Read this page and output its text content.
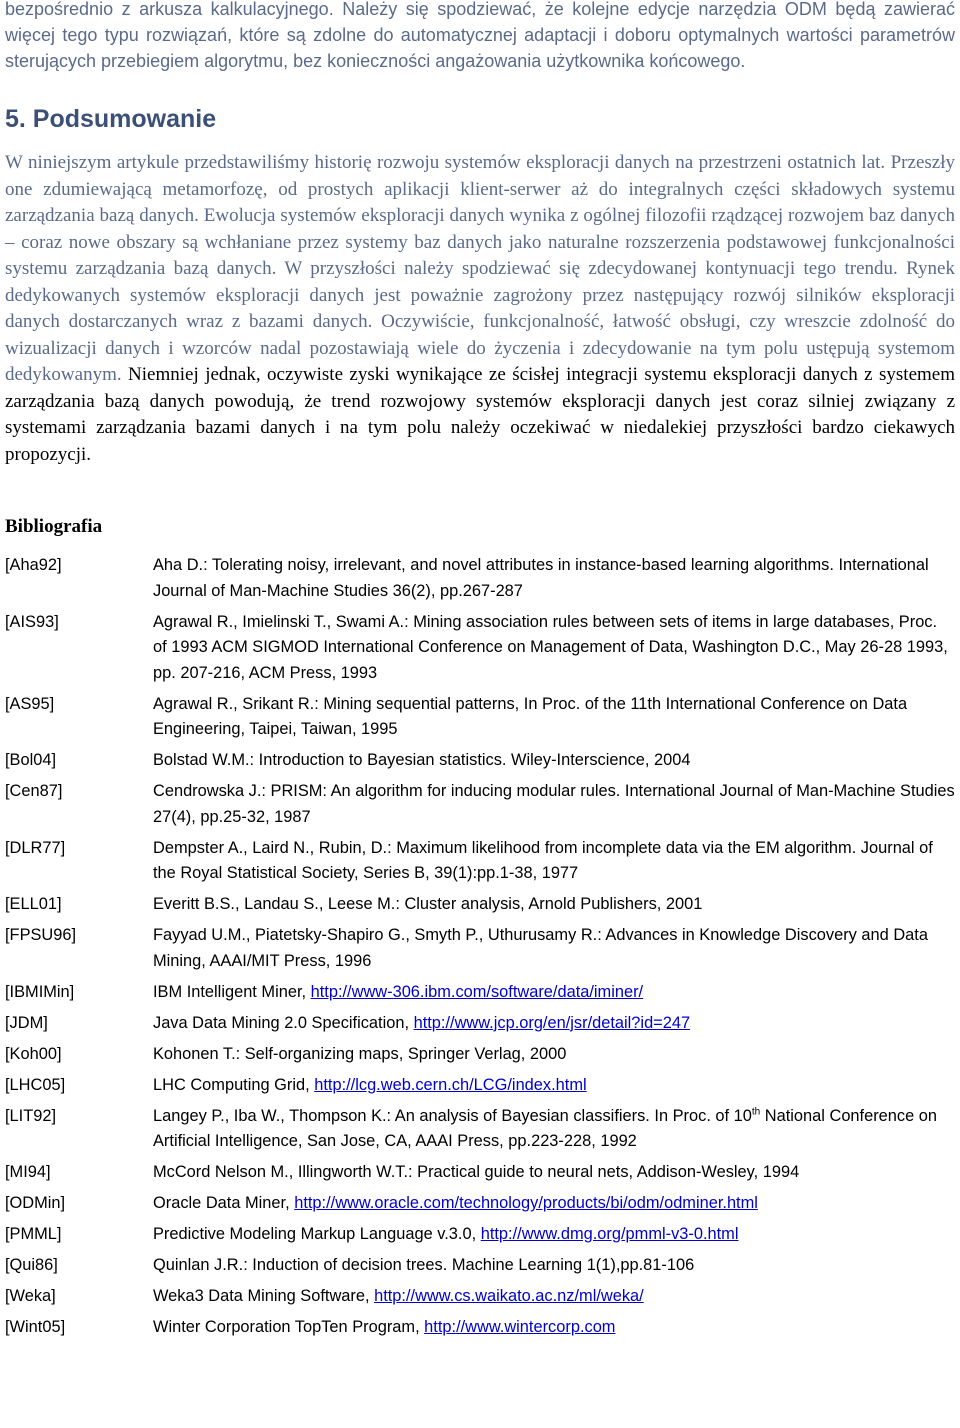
bezpośrednio z arkusza kalkulacyjnego. Należy się spodziewać, że kolejne edycje narzędzia ODM będą zawierać więcej tego typu rozwiązań, które są zdolne do automatycznej adaptacji i doboru optymalnych wartości parametrów sterujących przebiegiem algorytmu, bez konieczności angażowania użytkownika końcowego.

5. Podsumowanie

W niniejszym artykule przedstawiliśmy historię rozwoju systemów eksploracji danych na przestrzeni ostatnich lat. Przeszły one zdumiewającą metamorfozę, od prostych aplikacji klient-serwer aż do integralnych części składowych systemu zarządzania bazą danych. Ewolucja systemów eksploracji danych wynika z ogólnej filozofii rządzącej rozwojem baz danych – coraz nowe obszary są wchłaniane przez systemy baz danych jako naturalne rozszerzenia podstawowej funkcjonalności systemu zarządzania bazą danych. W przyszłości należy spodziewać się zdecydowanej kontynuacji tego trendu. Rynek dedykowanych systemów eksploracji danych jest poważnie zagrożony przez następujący rozwój silników eksploracji danych dostarczanych wraz z bazami danych. Oczywiście, funkcjonalność, łatwość obsługi, czy wreszcie zdolność do wizualizacji danych i wzorców nadal pozostawiają wiele do życzenia i zdecydowanie na tym polu ustępują systemom dedykowanym. Niemniej jednak, oczywiste zyski wynikające ze ścisłej integracji systemu eksploracji danych z systemem zarządzania bazą danych powodują, że trend rozwojowy systemów eksploracji danych jest coraz silniej związany z systemami zarządzania bazami danych i na tym polu należy oczekiwać w niedalekiej przyszłości bardzo ciekawych propozycji.

Bibliografia
[Aha92]	Aha D.: Tolerating noisy, irrelevant, and novel attributes in instance-based learning algorithms. International Journal of Man-Machine Studies 36(2), pp.267-287
[AIS93]	Agrawal R., Imielinski T., Swami A.: Mining association rules between sets of items in large databases, Proc. of 1993 ACM SIGMOD International Conference on Management of Data, Washington D.C., May 26-28 1993, pp. 207-216, ACM Press, 1993
[AS95]	Agrawal R., Srikant R.: Mining sequential patterns, In Proc. of the 11th International Conference on Data Engineering, Taipei, Taiwan, 1995
[Bol04]	Bolstad W.M.: Introduction to Bayesian statistics. Wiley-Interscience, 2004
[Cen87]	Cendrowska J.: PRISM: An algorithm for inducing modular rules. International Journal of Man-Machine Studies 27(4), pp.25-32, 1987
[DLR77]	Dempster A., Laird N., Rubin, D.: Maximum likelihood from incomplete data via the EM algorithm. Journal of the Royal Statistical Society, Series B, 39(1):pp.1-38, 1977
[ELL01]	Everitt B.S., Landau S., Leese M.: Cluster analysis, Arnold Publishers, 2001
[FPSU96]	Fayyad U.M., Piatetsky-Shapiro G., Smyth P., Uthurusamy R.: Advances in Knowledge Discovery and Data Mining, AAAI/MIT Press, 1996
[IBMIMin]	IBM Intelligent Miner, http://www-306.ibm.com/software/data/iminer/
[JDM]	Java Data Mining 2.0 Specification, http://www.jcp.org/en/jsr/detail?id=247
[Koh00]	Kohonen T.: Self-organizing maps, Springer Verlag, 2000
[LHC05]	LHC Computing Grid, http://lcg.web.cern.ch/LCG/index.html
[LIT92]	Langey P., Iba W., Thompson K.: An analysis of Bayesian classifiers. In Proc. of 10th National Conference on Artificial Intelligence, San Jose, CA, AAAI Press, pp.223-228, 1992
[MI94]	McCord Nelson M., Illingworth W.T.: Practical guide to neural nets, Addison-Wesley, 1994
[ODMin]	Oracle Data Miner, http://www.oracle.com/technology/products/bi/odm/odminer.html
[PMML]	Predictive Modeling Markup Language v.3.0, http://www.dmg.org/pmml-v3-0.html
[Qui86]	Quinlan J.R.: Induction of decision trees. Machine Learning 1(1),pp.81-106
[Weka]	Weka3 Data Mining Software, http://www.cs.waikato.ac.nz/ml/weka/
[Wint05]	Winter Corporation TopTen Program, http://www.wintercorp.com
